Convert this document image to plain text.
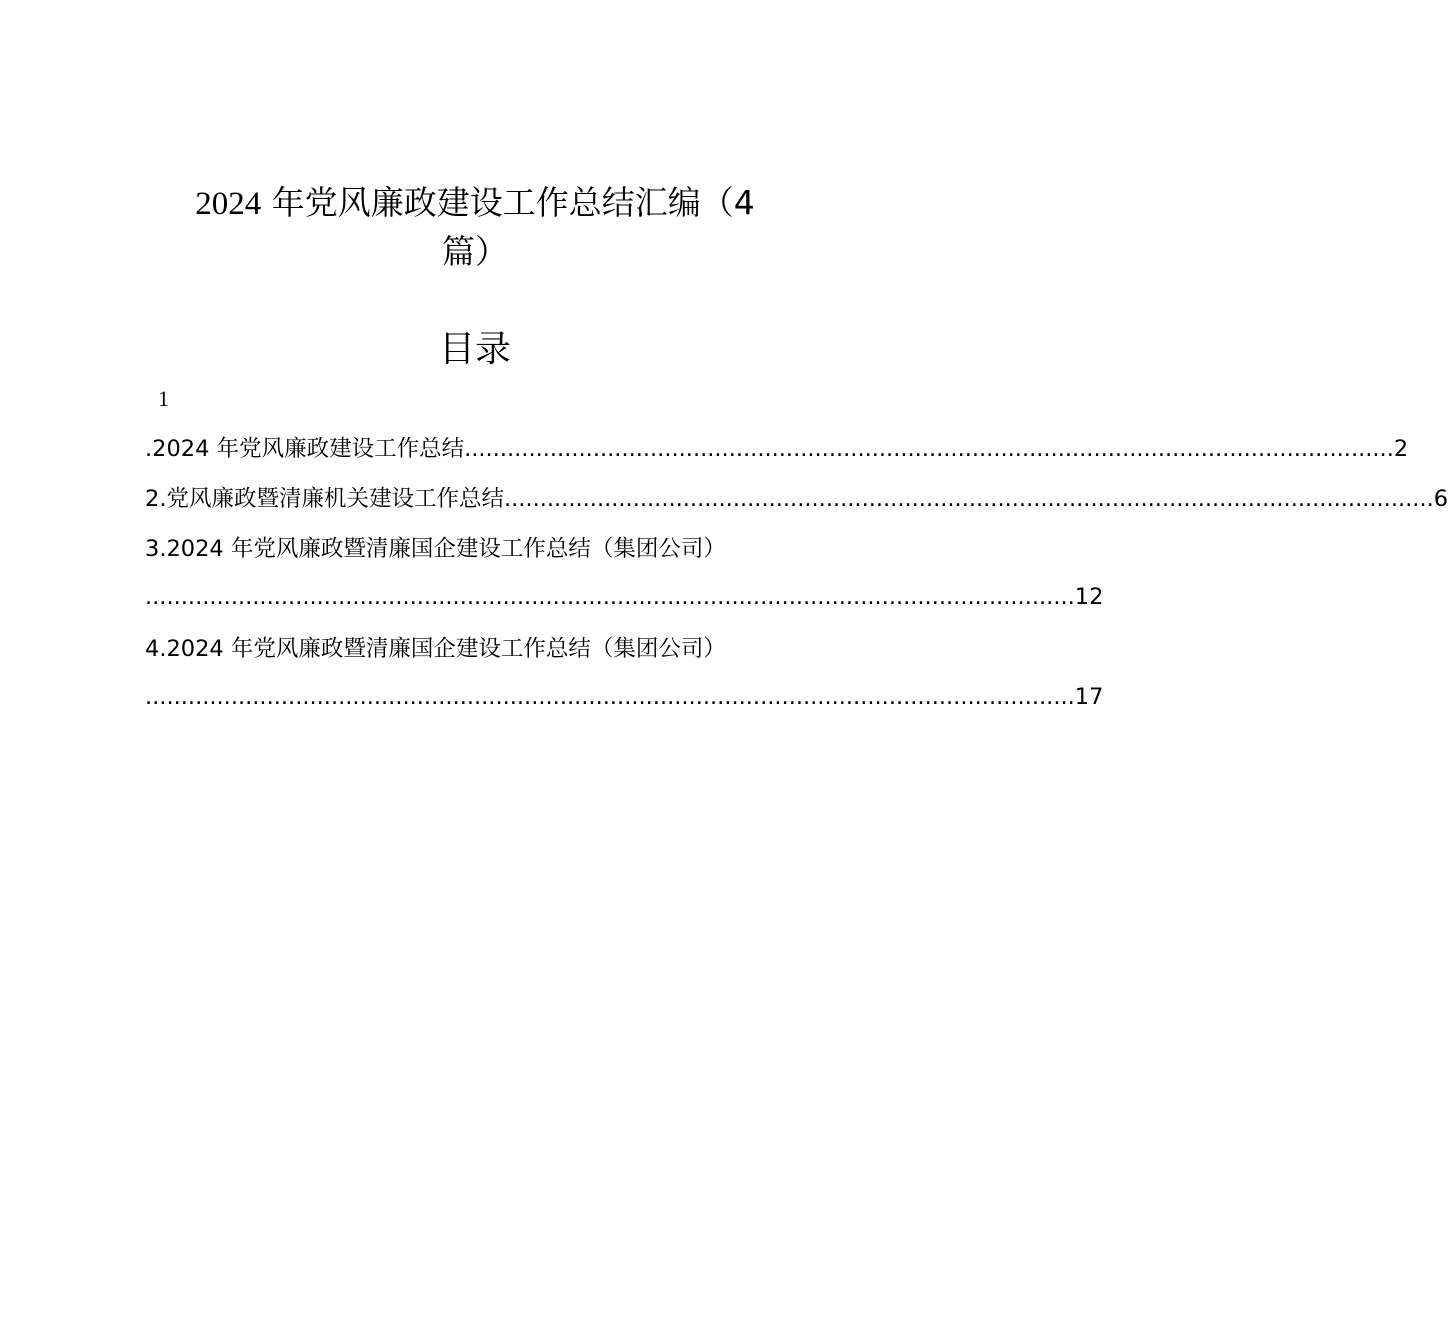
2024 年党风廉政建设工作总结汇编（4
篇）
目录
1
.2024 年党风廉政建设工作总结 .................................................................................................................................. 2
2.党风廉政暨清廉机关建设工作总结 .................................................................................................................................. 6
3.2024 年党风廉政暨清廉国企建设工作总结（集团公司）
.................................................................................................................................. 12
4.2024 年党风廉政暨清廉国企建设工作总结（集团公司）
.................................................................................................................................. 17
